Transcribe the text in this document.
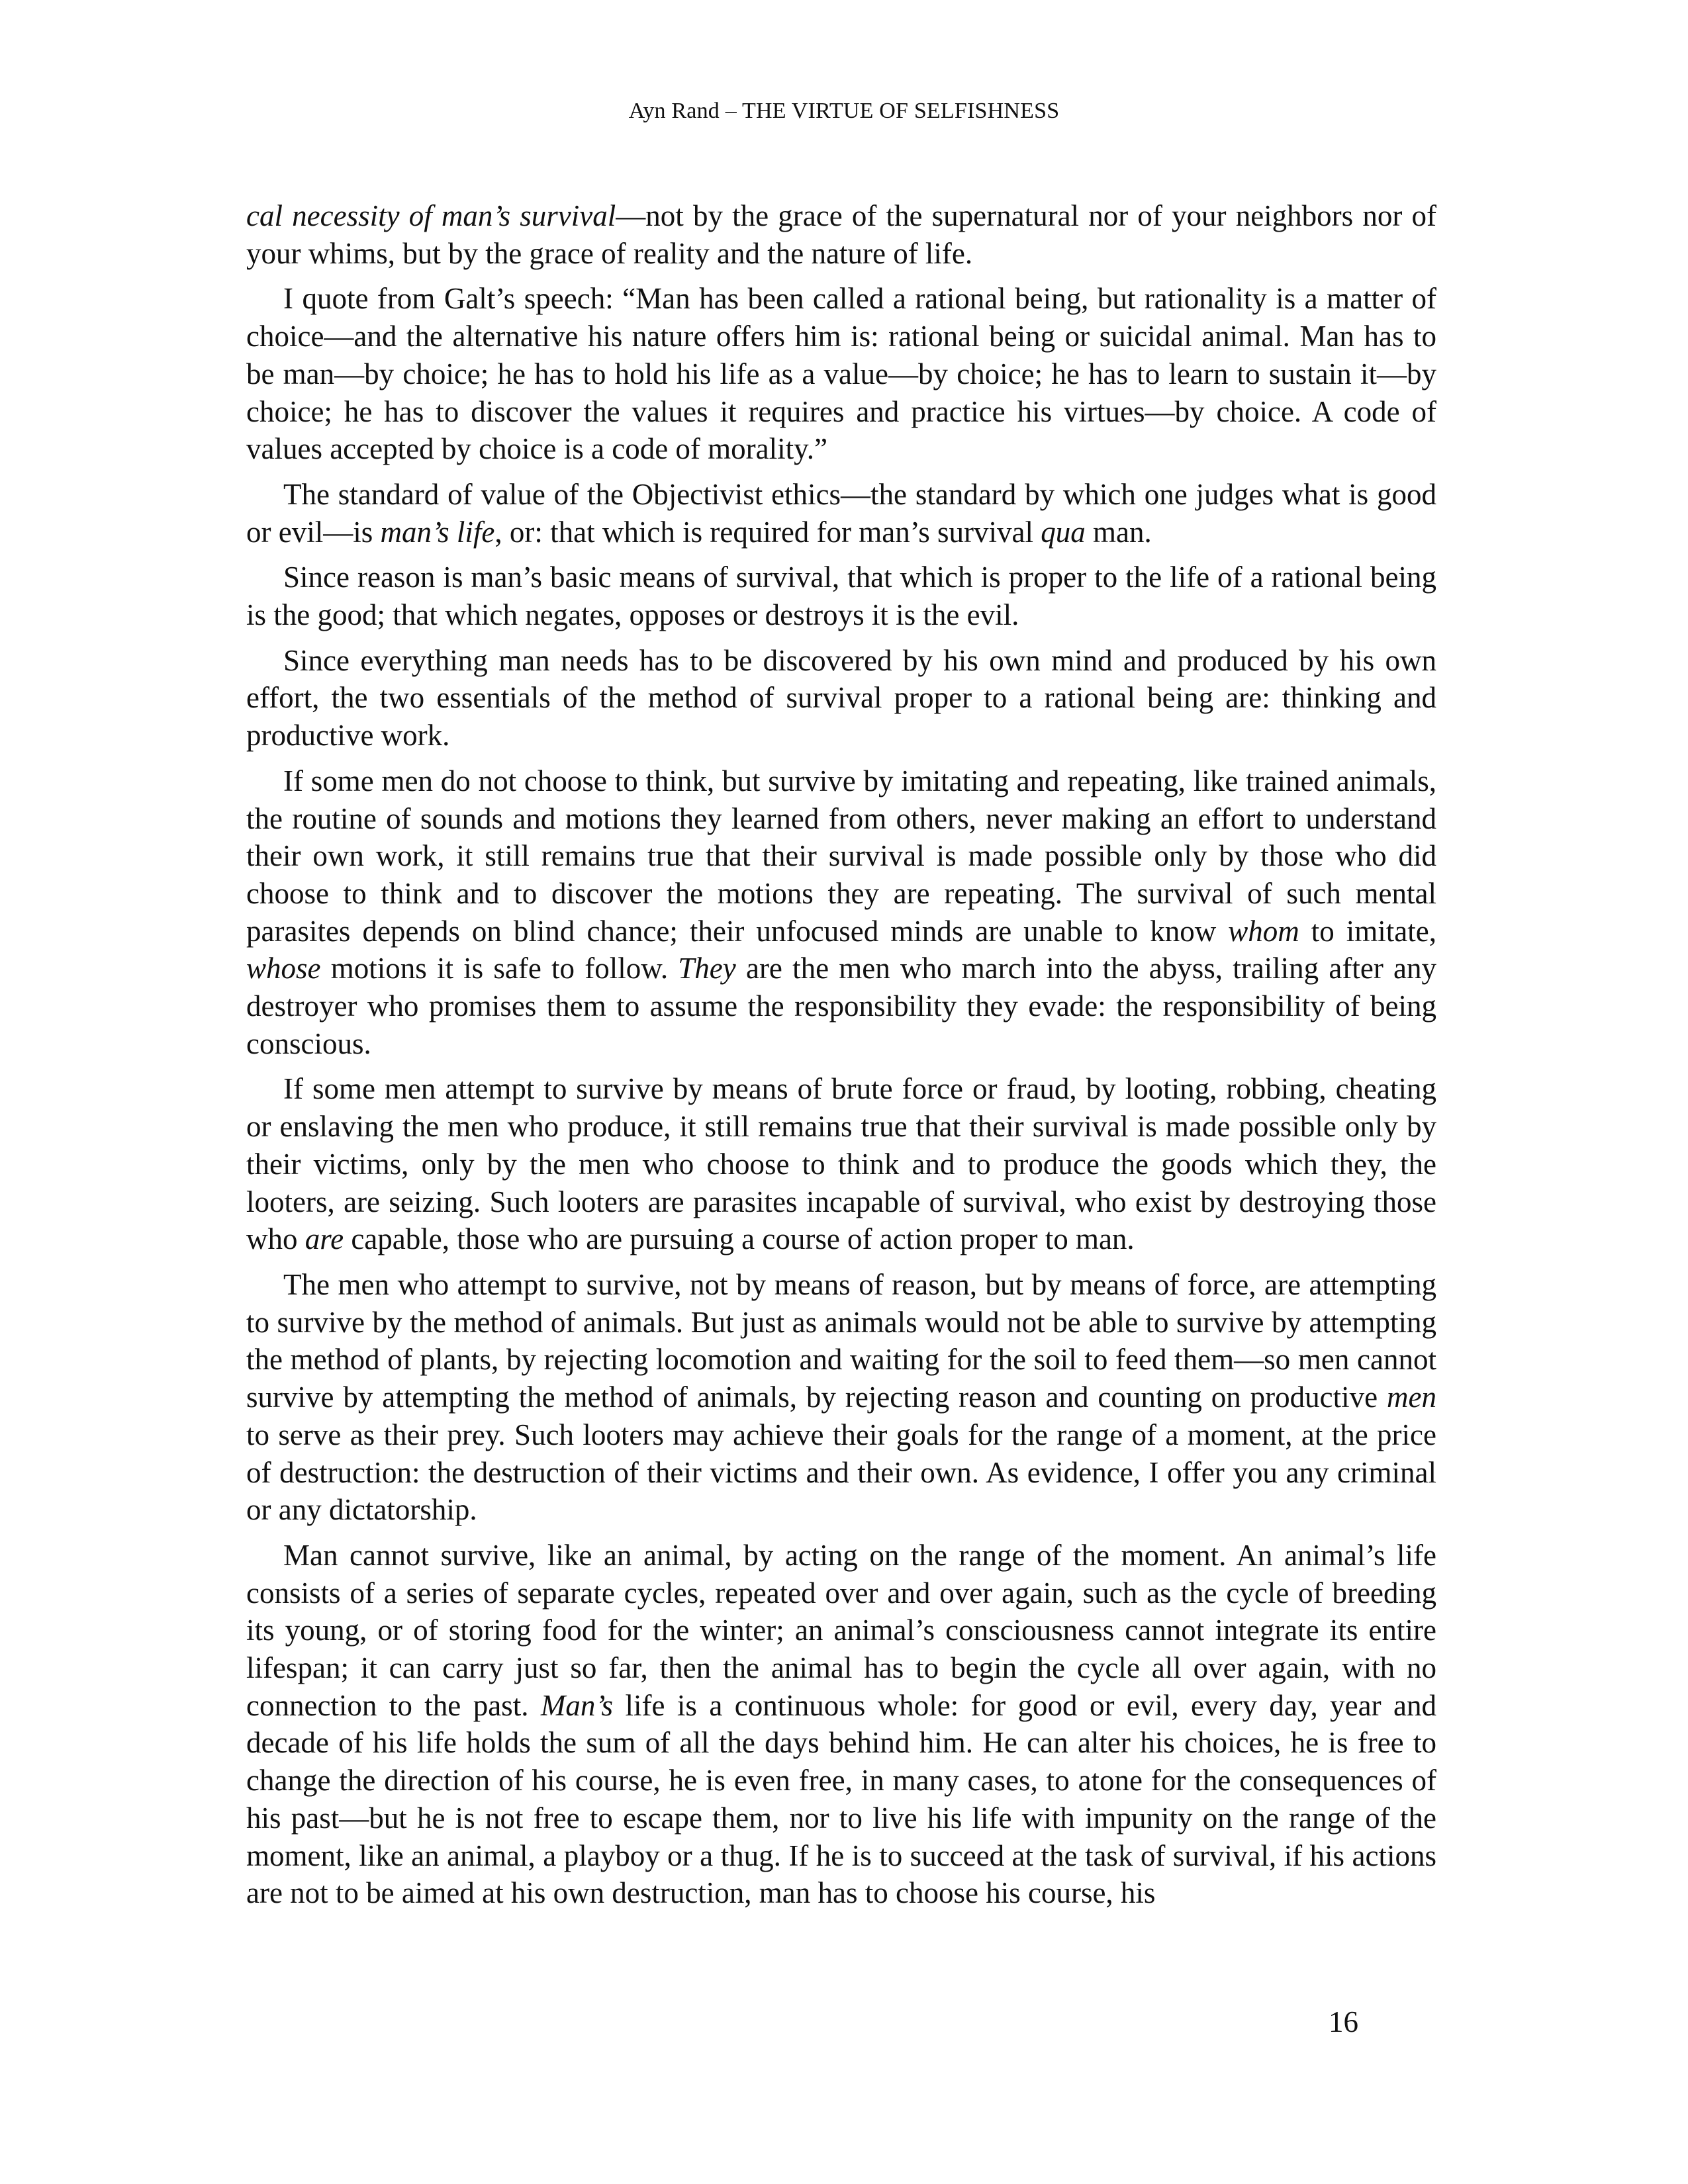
Ayn Rand – THE VIRTUE OF SELFISHNESS

cal necessity of man’s survival—not by the grace of the supernatural nor of your neighbors nor of your whims, but by the grace of reality and the nature of life.

I quote from Galt’s speech: “Man has been called a rational being, but rationality is a matter of choice—and the alternative his nature offers him is: rational being or suicidal animal. Man has to be man—by choice; he has to hold his life as a value—by choice; he has to learn to sustain it—by choice; he has to discover the values it requires and practice his virtues—by choice. A code of values accepted by choice is a code of morality.”

The standard of value of the Objectivist ethics—the standard by which one judges what is good or evil—is man’s life, or: that which is required for man’s survival qua man.

Since reason is man’s basic means of survival, that which is proper to the life of a rational being is the good; that which negates, opposes or destroys it is the evil.

Since everything man needs has to be discovered by his own mind and produced by his own effort, the two essentials of the method of survival proper to a rational being are: thinking and productive work.

If some men do not choose to think, but survive by imitating and repeating, like trained animals, the routine of sounds and motions they learned from others, never making an effort to understand their own work, it still remains true that their survival is made possible only by those who did choose to think and to discover the motions they are repeating. The survival of such mental parasites depends on blind chance; their unfocused minds are unable to know whom to imitate, whose motions it is safe to follow. They are the men who march into the abyss, trailing after any destroyer who promises them to assume the responsibility they evade: the responsibility of being conscious.

If some men attempt to survive by means of brute force or fraud, by looting, robbing, cheating or enslaving the men who produce, it still remains true that their survival is made possible only by their victims, only by the men who choose to think and to produce the goods which they, the looters, are seizing. Such looters are parasites incapable of survival, who exist by destroying those who are capable, those who are pursuing a course of action proper to man.

The men who attempt to survive, not by means of reason, but by means of force, are attempting to survive by the method of animals. But just as animals would not be able to survive by attempting the method of plants, by rejecting locomotion and waiting for the soil to feed them—so men cannot survive by attempting the method of animals, by rejecting reason and counting on productive men to serve as their prey. Such looters may achieve their goals for the range of a moment, at the price of destruction: the destruction of their victims and their own. As evidence, I offer you any criminal or any dictatorship.

Man cannot survive, like an animal, by acting on the range of the moment. An animal’s life consists of a series of separate cycles, repeated over and over again, such as the cycle of breeding its young, or of storing food for the winter; an animal’s consciousness cannot integrate its entire lifespan; it can carry just so far, then the animal has to begin the cycle all over again, with no connection to the past. Man’s life is a continuous whole: for good or evil, every day, year and decade of his life holds the sum of all the days behind him. He can alter his choices, he is free to change the direction of his course, he is even free, in many cases, to atone for the consequences of his past—but he is not free to escape them, nor to live his life with impunity on the range of the moment, like an animal, a playboy or a thug. If he is to succeed at the task of survival, if his actions are not to be aimed at his own destruction, man has to choose his course, his

16
